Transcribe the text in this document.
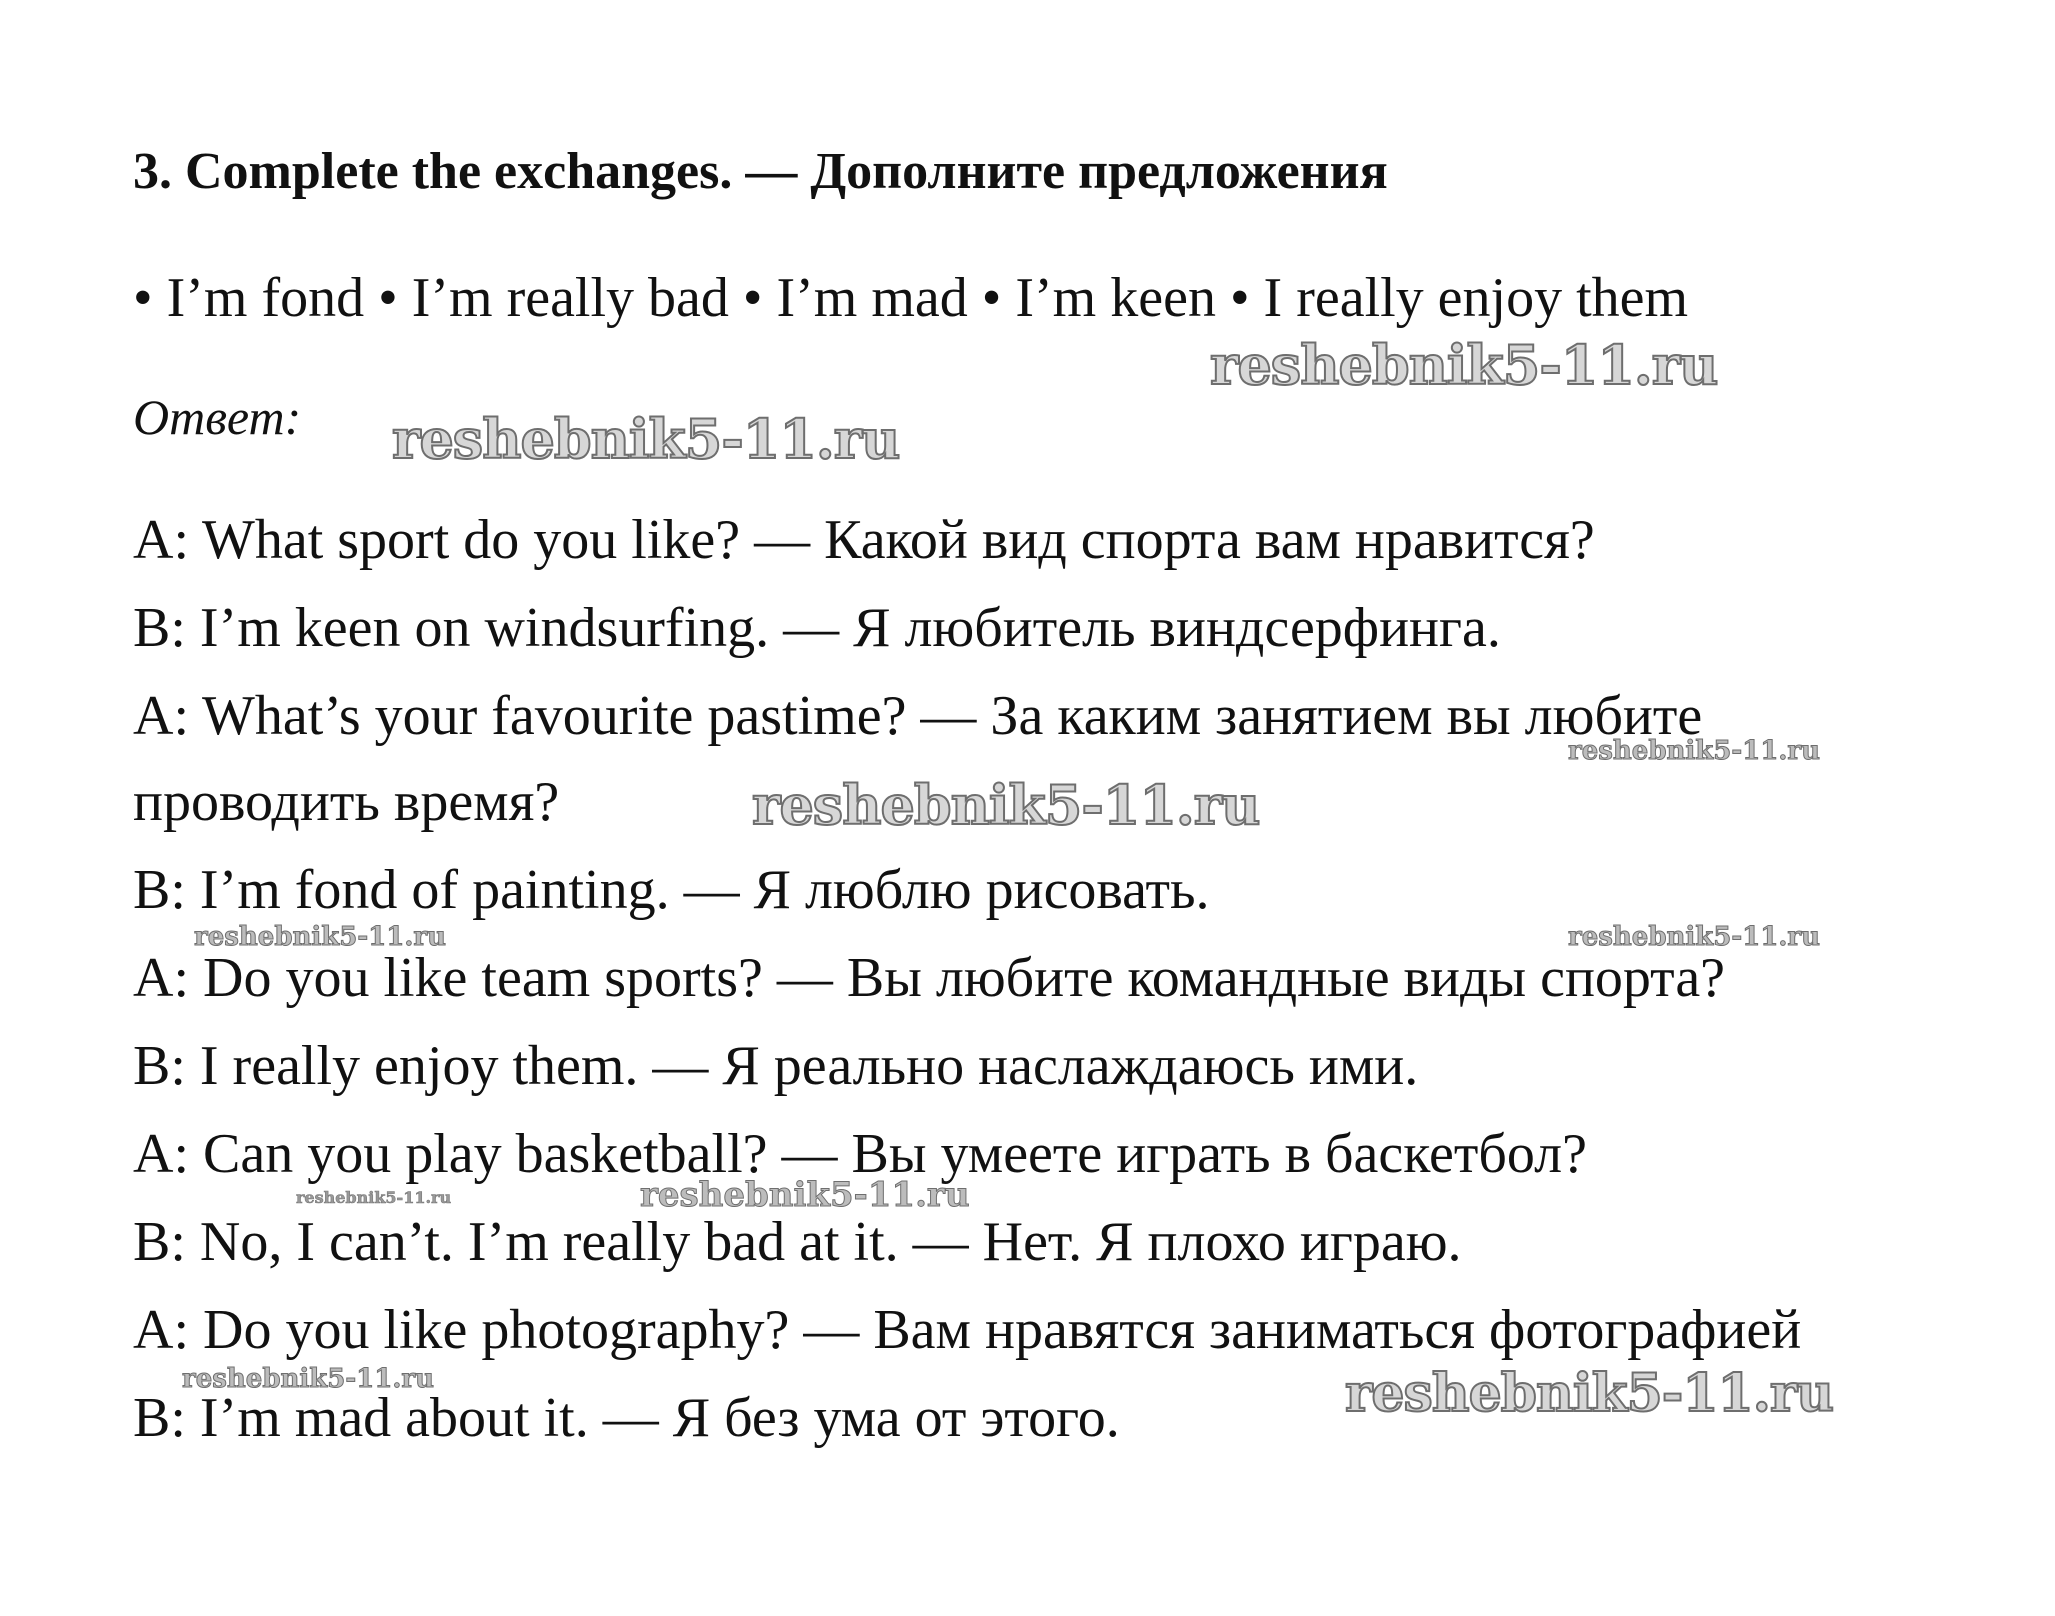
3. Complete the exchanges. — Дополните предложения
• I’m fond • I’m really bad • I’m mad • I’m keen • I really enjoy them
Ответ:
A: What sport do you like? — Какой вид спорта вам нравится?
B: I’m keen on windsurfing. — Я любитель виндсерфинга.
A: What’s your favourite pastime? — За каким занятием вы любите
проводить время?
B: I’m fond of painting. — Я люблю рисовать.
A: Do you like team sports? — Вы любите командные виды спорта?
B: I really enjoy them. — Я реально наслаждаюсь ими.
A: Can you play basketball? — Вы умеете играть в баскетбол?
B: No, I can’t. I’m really bad at it. — Нет. Я плохо играю.
A: Do you like photography? — Вам нравятся заниматься фотографией
B: I’m mad about it. — Я без ума от этого.
reshebnik5-11.ru
reshebnik5-11.ru
reshebnik5-11.ru
reshebnik5-11.ru
reshebnik5-11.ru	reshebnik5-11.ru
reshebnik5-11.ru	reshebnik5-11.ru
reshebnik5-11.ru	reshebnik5-11.ru
